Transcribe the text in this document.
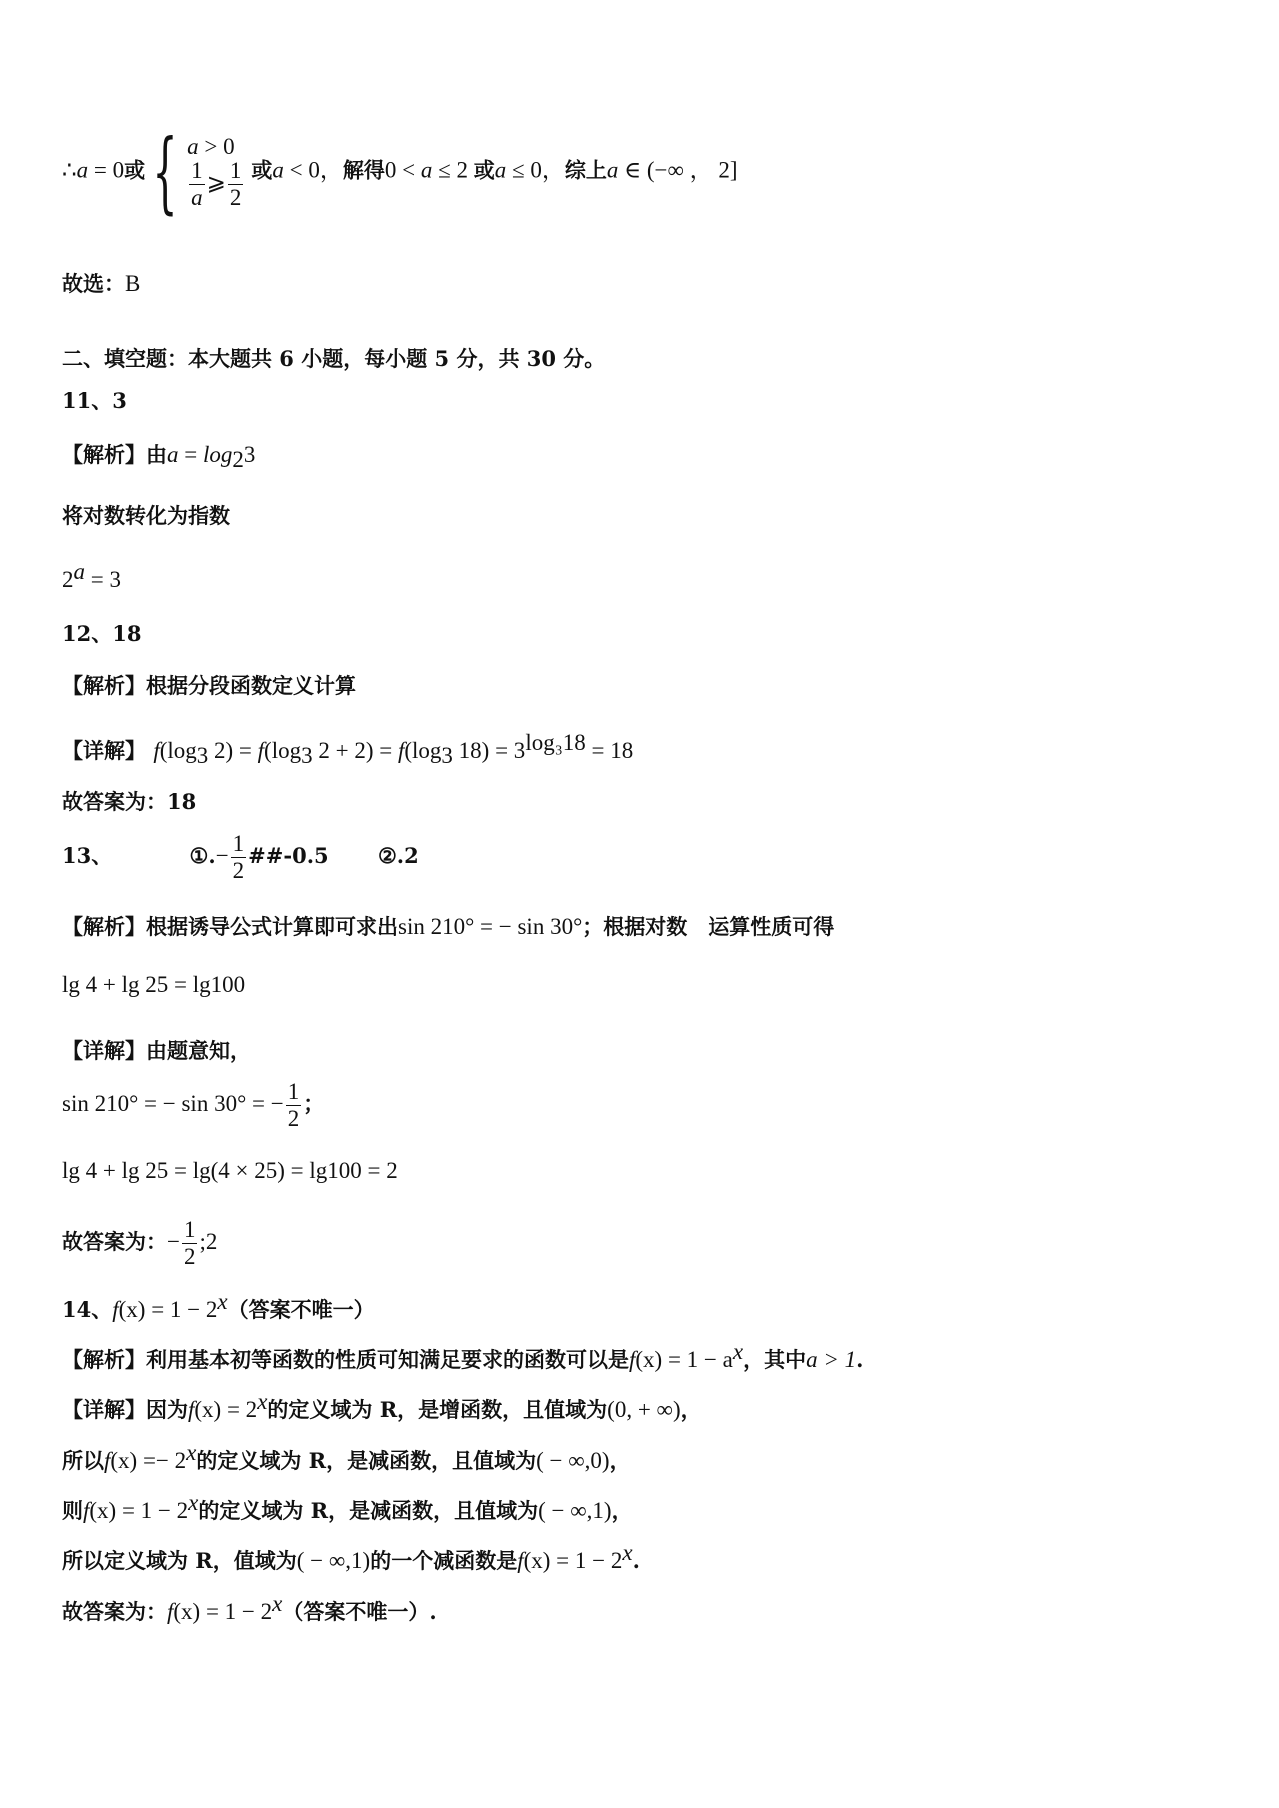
∴a = 0或{ a > 0
$\frac{1}{a}$ ⩾ $\frac{1}{2}$ 或a < 0，解得0 < a ≤ 2 或a ≤ 0，综上a ∈ (−∞ ， 2]
故选：B
二、填空题：本大题共 6 小题，每小题 5 分，共 30 分。
11、3
【解析】由$a = \log_23$
将对数转化为指数
$2^a = 3$
12、18
【解析】根据分段函数定义计算
【详解】 $f(\log_3$ $2) = f(\log_3$ $2 + 2) = f(\log_3$ $18) = 3^{log_318} = 18$
故答案为：18
13、	①.− $\frac{1}{2}$ ##-0.5 ②.2
【解析】根据诱导公式计算即可求出sin 210° = − sin 30°；根据对数　运算性质可得
lg 4 + lg 25 = lg100
【详解】由题意知，
sin 210° = − sin 30° = − $\frac{1}{2}$ ；
lg 4 + lg 25 = lg(4 × 25) = lg100 = 2
故答案为：− $\frac{1}{2}$ ;2
14、$f(x) = 1 - 2^x$（答案不唯一）
【解析】利用基本初等函数的性质可知满足要求的函数可以是$f(x) = 1 - a^x$，其中a > 1.
【详解】因为$f(x) = 2^x$的定义域为 R，是增函数，且值域为(0, + ∞)，
所以$f(x) =- 2^x$的定义域为 R，是减函数，且值域为( − ∞,0)，
则$f(x) = 1 - 2^x$的定义域为 R，是减函数，且值域为( − ∞,1)，
所以定义域为 R，值域为( − ∞,1)的一个减函数是$f(x) = 1 - 2^x$.
故答案为：$f(x) = 1 - 2^x$（答案不唯一）.
